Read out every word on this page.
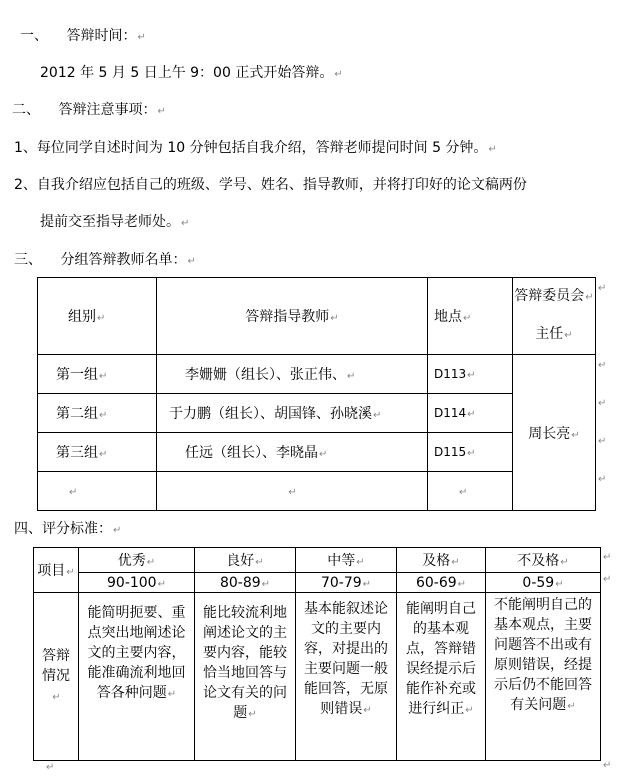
一、 答辩时间：↵
2012 年 5 月 5 日上午 9：00 正式开始答辩。↵
二、 答辩注意事项：↵
1、每位同学自述时间为 10 分钟包括自我介绍，答辩老师提问时间 5 分钟。↵
2、自我介绍应包括自己的班级、学号、姓名、指导教师，并将打印好的论文稿两份
提前交至指导老师处。↵
三、 分组答辩教师名单：↵
组别↵	答辩指导教师↵	地点↵	答辩委员会↵
主任↵

第一组↵	李姗姗（组长）、张正伟、↵	D113↵	周长亮↵
第二组↵	于力鹏（组长）、胡国锋、孙晓溪↵	D114↵	
第三组↵	任远（组长）、李晓晶↵	D115↵	
↵	↵	↵	
↵
↵
↵
↵
↵
四、评分标准：↵
项目↵	优秀↵	良好↵	中等↵	及格↵	不及格↵
	90-100↵	80-89↵	70-79↵	60-69↵	0-59↵

答辩情况↵	能简明扼要、重点突出地阐述论文的主要内容，能准确流利地回答各种问题↵	能比较流利地阐述论文的主要内容，能较恰当地回答与论文有关的问题↵	基本能叙述论文的主要内容，对提出的主要问题一般能回答，无原则错误↵	能阐明自己的基本观点，答辩错误经提示后能作补充或进行纠正↵	不能阐明自己的基本观点，主要问题答不出或有原则错误，经提示后仍不能回答有关问题↵
↵
↵
↵
↵
